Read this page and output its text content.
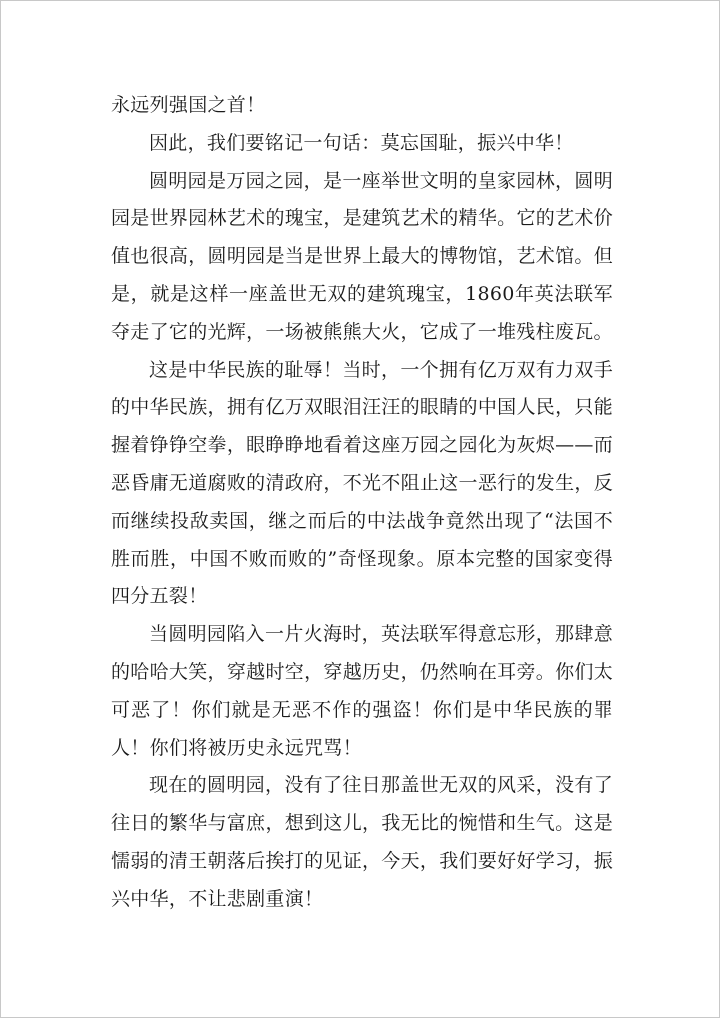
永远列强国之首！

因此，我们要铭记一句话：莫忘国耻，振兴中华！

圆明园是万园之园，是一座举世文明的皇家园林，圆明园是世界园林艺术的瑰宝，是建筑艺术的精华。它的艺术价值也很高，圆明园是当是世界上最大的博物馆，艺术馆。但是，就是这样一座盖世无双的建筑瑰宝，1860年英法联军夺走了它的光辉，一场被熊熊大火，它成了一堆残柱废瓦。

这是中华民族的耻辱！当时，一个拥有亿万双有力双手的中华民族，拥有亿万双眼泪汪汪的眼睛的中国人民，只能握着铮铮空拳，眼睁睁地看着这座万园之园化为灰烬——而恶昏庸无道腐败的清政府，不光不阻止这一恶行的发生，反而继续投敌卖国，继之而后的中法战争竟然出现了“法国不胜而胜，中国不败而败的”奇怪现象。原本完整的国家变得四分五裂！

当圆明园陷入一片火海时，英法联军得意忘形，那肆意的哈哈大笑，穿越时空，穿越历史，仍然响在耳旁。你们太可恶了！你们就是无恶不作的强盗！你们是中华民族的罪人！你们将被历史永远咒骂！

现在的圆明园，没有了往日那盖世无双的风采，没有了往日的繁华与富庶，想到这儿，我无比的惋惜和生气。这是懦弱的清王朝落后挨打的见证，今天，我们要好好学习，振兴中华，不让悲剧重演！
